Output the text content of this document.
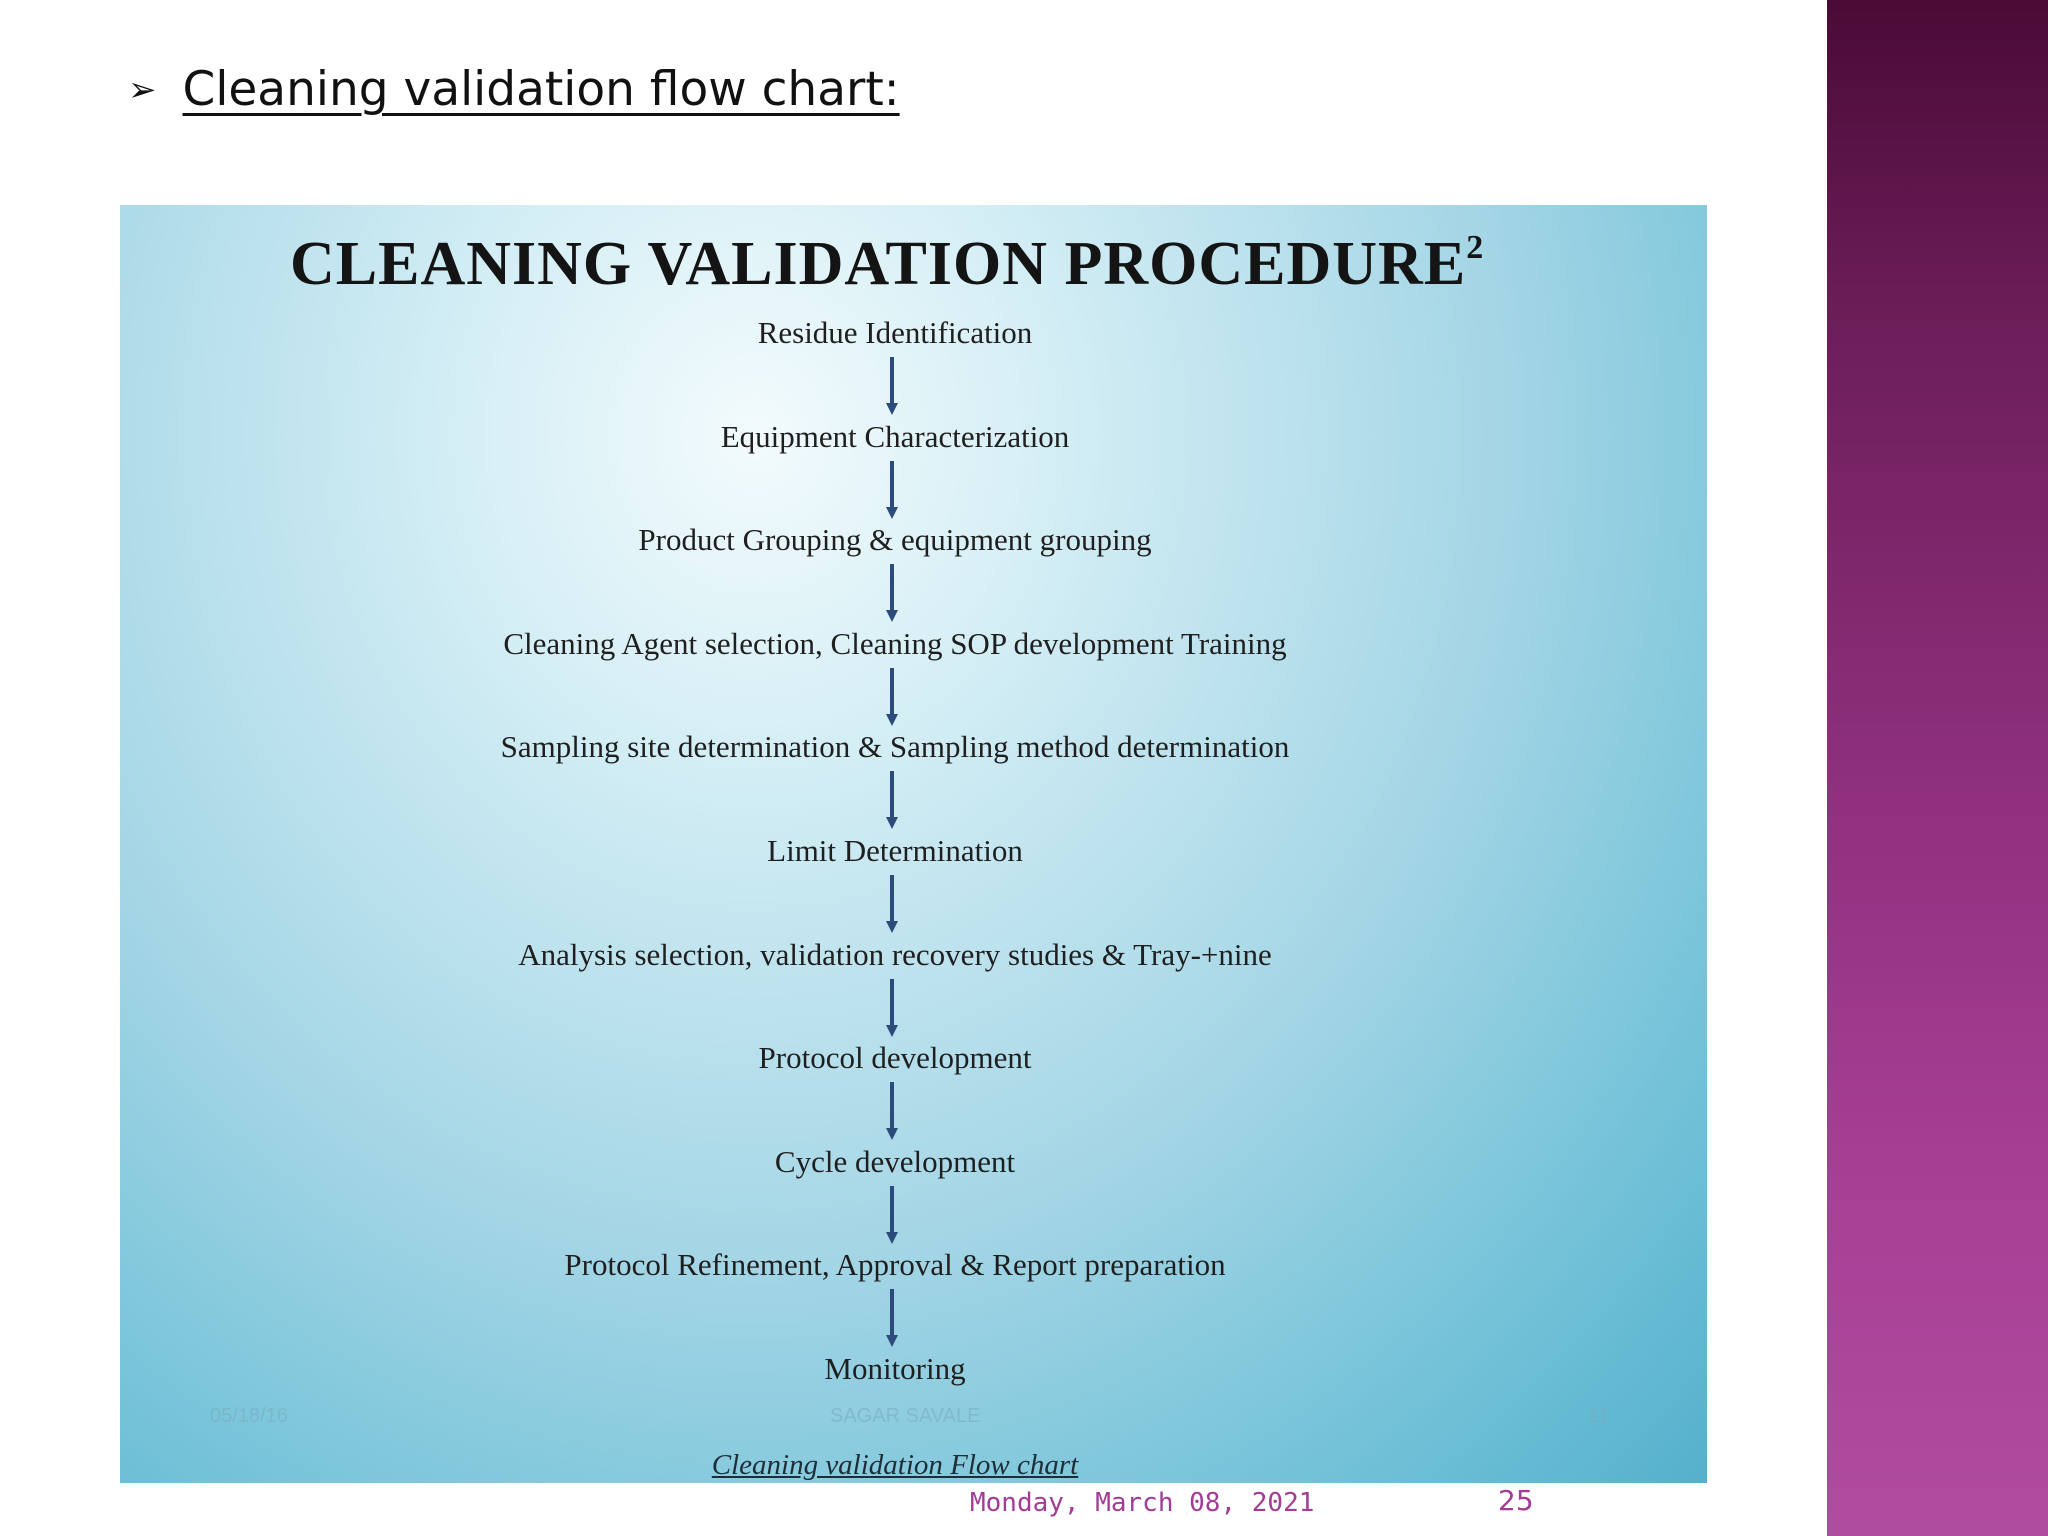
➢ Cleaning validation flow chart:
CLEANING VALIDATION PROCEDURE$^2$
Residue Identification
Equipment Characterization
Product Grouping & equipment grouping
Cleaning Agent selection, Cleaning SOP development Training
Sampling site determination & Sampling method determination
Limit Determination
Analysis selection, validation recovery studies & Tray-+nine
Protocol development
Cycle development
Protocol Refinement, Approval & Report preparation
Monitoring
05/18/16	SAGAR SAVALE	11
Cleaning validation Flow chart
Monday, March 08, 2021	25
